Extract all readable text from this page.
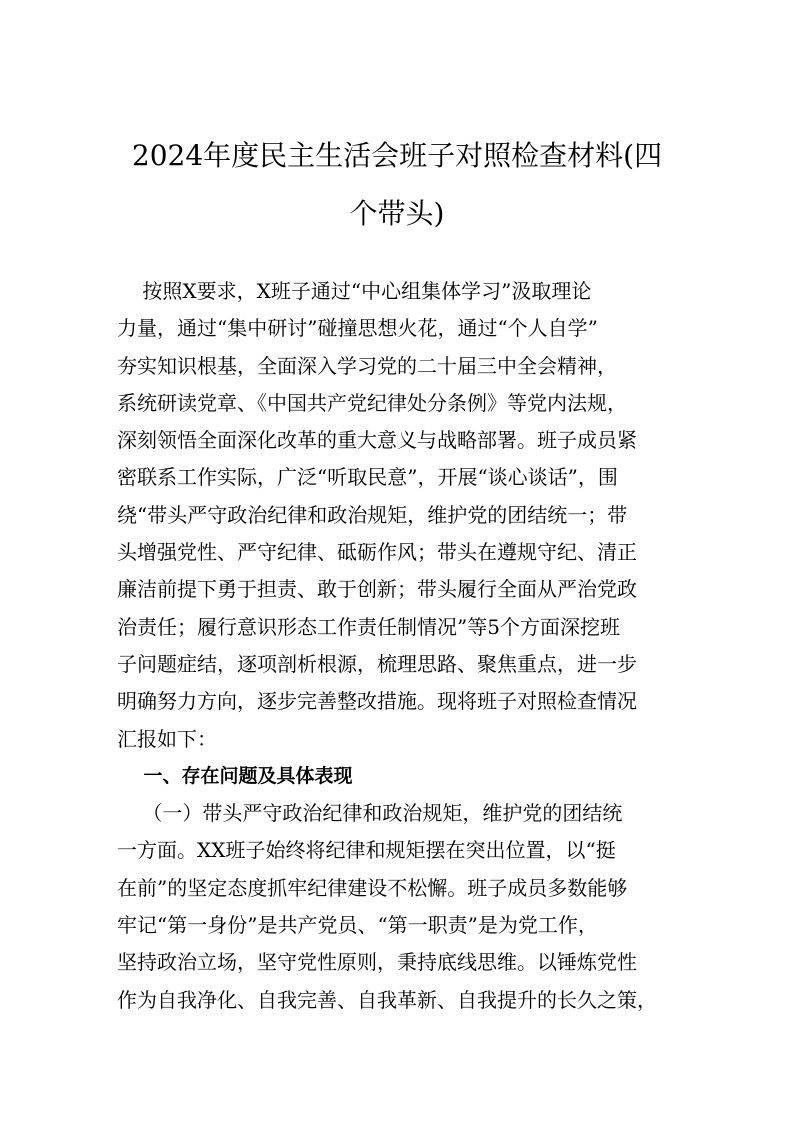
2024年度民主生活会班子对照检查材料(四
个带头)
按照X要求，X班子通过“中心组集体学习”汲取理论
力量，通过“集中研讨”碰撞思想火花，通过“个人自学”
夯实知识根基，全面深入学习党的二十届三中全会精神，
系统研读党章、《中国共产党纪律处分条例》等党内法规，
深刻领悟全面深化改革的重大意义与战略部署。班子成员紧
密联系工作实际，广泛“听取民意”，开展“谈心谈话”，围
绕“带头严守政治纪律和政治规矩，维护党的团结统一；带
头增强党性、严守纪律、砥砺作风；带头在遵规守纪、清正
廉洁前提下勇于担责、敢于创新；带头履行全面从严治党政
治责任；履行意识形态工作责任制情况”等5个方面深挖班
子问题症结，逐项剖析根源，梳理思路、聚焦重点，进一步
明确努力方向，逐步完善整改措施。现将班子对照检查情况
汇报如下：
一、存在问题及具体表现
（一）带头严守政治纪律和政治规矩，维护党的团结统
一方面。XX班子始终将纪律和规矩摆在突出位置，以“挺
在前”的坚定态度抓牢纪律建设不松懈。班子成员多数能够
牢记“第一身份”是共产党员、“第一职责”是为党工作，
坚持政治立场，坚守党性原则，秉持底线思维。以锤炼党性
作为自我净化、自我完善、自我革新、自我提升的长久之策，
